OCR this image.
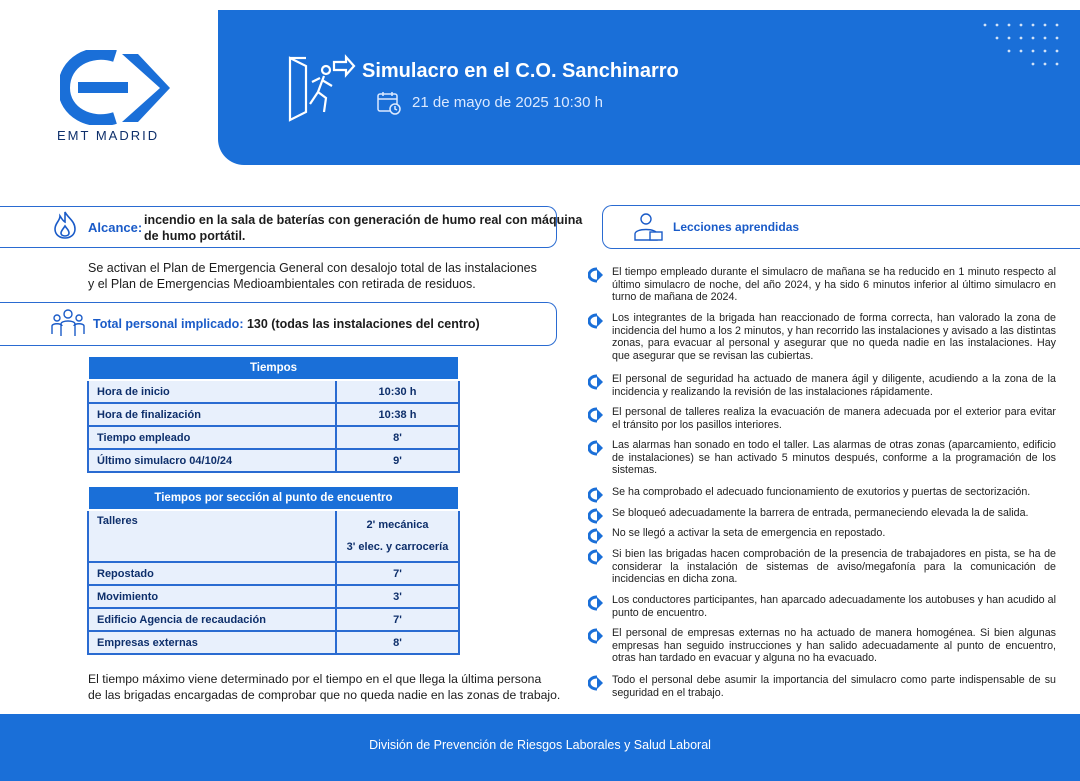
EMT MADRID
Simulacro en el C.O. Sanchinarro
21 de mayo de 2025 10:30 h
Alcance: incendio en la sala de baterías con generación de humo real con máquina
de humo portátil.
Se activan el Plan de Emergencia General con desalojo total de las instalaciones
y el Plan de Emergencias Medioambientales con retirada de residuos.
Total personal implicado: 130 (todas las instalaciones del centro)
Tiempos	
Hora de inicio	10:30 h
Hora de finalización	10:38 h
Tiempo empleado	8'
Último simulacro 04/10/24	9'
Tiempos por sección al punto de encuentro	
Talleres	2' mecánica
3' elec. y carrocería

Repostado	7'
Movimiento	3'
Edificio Agencia de recaudación	7'
Empresas externas	8'
El tiempo máximo viene determinado por el tiempo en el que llega la última persona
de las brigadas encargadas de comprobar que no queda nadie en las zonas de trabajo.
Lecciones aprendidas
El tiempo empleado durante el simulacro de mañana se ha reducido en 1 minuto respecto al último simulacro de noche, del año 2024, y ha sido 6 minutos inferior al último simulacro en turno de mañana de 2024.
Los integrantes de la brigada han reaccionado de forma correcta, han valorado la zona de incidencia del humo a los 2 minutos, y han recorrido las instalaciones y avisado a las distintas zonas, para evacuar al personal y asegurar que no queda nadie en las instalaciones. Hay que asegurar que se revisan las cubiertas.
El personal de seguridad ha actuado de manera ágil y diligente, acudiendo a la zona de la incidencia y realizando la revisión de las instalaciones rápidamente.
El personal de talleres realiza la evacuación de manera adecuada por el exterior para evitar el tránsito por los pasillos interiores.
Las alarmas han sonado en todo el taller. Las alarmas de otras zonas (aparcamiento, edificio de instalaciones) se han activado 5 minutos después, conforme a la programación de los sistemas.
Se ha comprobado el adecuado funcionamiento de exutorios y puertas de sectorización.
Se bloqueó adecuadamente la barrera de entrada, permaneciendo elevada la de salida.
No se llegó a activar la seta de emergencia en repostado.
Si bien las brigadas hacen comprobación de la presencia de trabajadores en pista, se ha de considerar la instalación de sistemas de aviso/megafonía para la comunicación de incidencias en dicha zona.
Los conductores participantes, han aparcado adecuadamente los autobuses y han acudido al punto de encuentro.
El personal de empresas externas no ha actuado de manera homogénea. Si bien algunas empresas han seguido instrucciones y han salido adecuadamente al punto de encuentro, otras han tardado en evacuar y alguna no ha evacuado.
Todo el personal debe asumir la importancia del simulacro como parte indispensable de su seguridad en el trabajo.
División de Prevención de Riesgos Laborales y Salud Laboral
